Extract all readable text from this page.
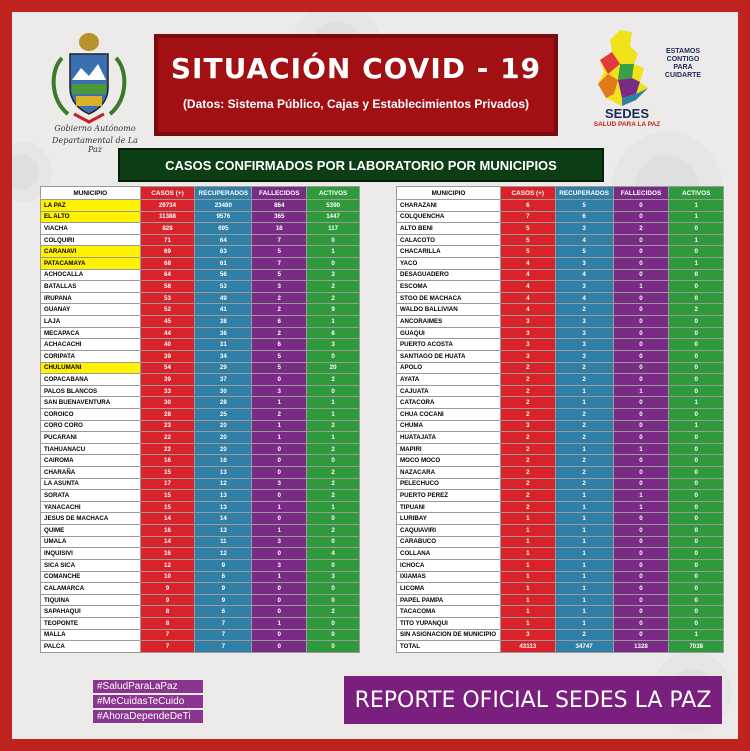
Gobierno Autónomo
Departamental de La Paz
SITUACIÓN COVID - 19
(Datos: Sistema Público, Cajas y Establecimientos Privados)
ESTAMOS
CONTIGO
PARA
CUIDARTE
SEDES
SALUD PARA LA PAZ
CASOS CONFIRMADOS POR LABORATORIO POR MUNICIPIOS
MUNICIPIO	CASOS (+)	RECUPERADOS	FALLECIDOS	ACTIVOS
LA PAZ	29734	23480	864	5390
EL ALTO	11388	9576	365	1447
VIACHA	828	695	16	117
COLQUIRI	71	64	7	0
CARANAVI	69	63	5	1
PATACAMAYA	68	61	7	0
ACHOCALLA	64	56	5	3
BATALLAS	58	53	3	2
IRUPANA	53	49	2	2
GUANAY	52	41	2	9
LAJA	45	38	6	1
MECAPACA	44	36	2	6
ACHACACHI	40	31	6	3
CORIPATA	39	34	5	0
CHULUMANI	54	29	5	20
COPACABANA	39	37	0	2
PALOS BLANCOS	33	30	3	0
SAN BUENAVENTURA	30	28	1	1
COROICO	28	25	2	1
CORO CORO	23	20	1	2
PUCARANI	22	20	1	1
TIAHUANACU	22	20	0	2
CAIROMA	16	16	0	0
CHARAÑA	15	13	0	2
LA ASUNTA	17	12	3	2
SORATA	15	13	0	2
YANACACHI	15	13	1	1
JESUS DE MACHACA	14	14	0	0
QUIME	16	13	1	2
UMALA	14	11	3	0
INQUISIVI	16	12	0	4
SICA SICA	12	9	3	0
COMANCHE	10	6	1	3
CALAMARCA	9	9	0	0
TIQUINA	9	9	0	0
SAPAHAQUI	8	6	0	2
TEOPONTE	8	7	1	0
MALLA	7	7	0	0
PALCA	7	7	0	0
MUNICIPIO	CASOS (+)	RECUPERADOS	FALLECIDOS	ACTIVOS
CHARAZANI	6	5	0	1
COLQUENCHA	7	6	0	1
ALTO BENI	5	3	2	0
CALACOTO	5	4	0	1
CHACARILLA	5	5	0	0
YACO	4	3	0	1
DESAGUADERO	4	4	0	0
ESCOMA	4	3	1	0
STGO DE MACHACA	4	4	0	0
WALDO BALLIVIAN	4	2	0	2
ANCORAIMES	3	3	0	0
GUAQUI	3	3	0	0
PUERTO ACOSTA	3	3	0	0
SANTIAGO DE HUATA	3	3	0	0
APOLO	2	2	0	0
AYATA	2	2	0	0
CAJUATA	2	1	1	0
CATACORA	2	1	0	1
CHUA COCANI	2	2	0	0
CHUMA	3	2	0	1
HUATAJATA	2	2	0	0
MAPIRI	2	1	1	0
MOCO MOCO	2	2	0	0
NAZACARA	2	2	0	0
PELECHUCO	2	2	0	0
PUERTO PEREZ	2	1	1	0
TIPUANI	2	1	1	0
LURIBAY	1	1	0	0
CAQUIAVIRI	1	1	0	0
CARABUCO	1	1	0	0
COLLANA	1	1	0	0
ICHOCA	1	1	0	0
IXIAMAS	1	1	0	0
LICOMA	1	1	0	0
PAPEL PAMPA	1	1	0	0
TACACOMA	1	1	0	0
TITO YUPANQUI	1	1	0	0
SIN ASIGNACION DE MUNICIPIO	3	2	0	1
TOTAL	43113	34747	1328	7038
#SaludParaLaPaz
#MeCuidasTeCuido
#AhoraDependeDeTi
REPORTE OFICIAL SEDES LA PAZ
